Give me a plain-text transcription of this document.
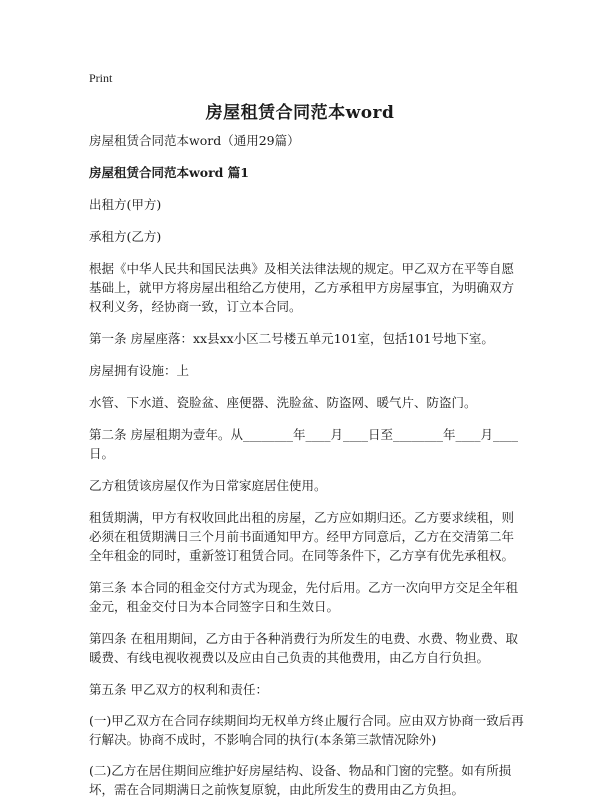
Print
房屋租赁合同范本word

房屋租赁合同范本word（通用29篇）

房屋租赁合同范本word 篇1

出租方(甲方)

承租方(乙方)

根据《中华人民共和国民法典》及相关法律法规的规定。甲乙双方在平等自愿基础上，就甲方将房屋出租给乙方使用，乙方承租甲方房屋事宜，为明确双方权利义务，经协商一致，订立本合同。

第一条 房屋座落：xx县xx小区二号楼五单元101室，包括101号地下室。

房屋拥有设施：上

水管、下水道、瓷脸盆、座便器、洗脸盆、防盗网、暖气片、防盗门。

第二条 房屋租期为壹年。从________年____月____日至________年____月____日。

乙方租赁该房屋仅作为日常家庭居住使用。

租赁期满，甲方有权收回此出租的房屋，乙方应如期归还。乙方要求续租，则必须在租赁期满日三个月前书面通知甲方。经甲方同意后，乙方在交清第二年全年租金的同时，重新签订租赁合同。在同等条件下，乙方享有优先承租权。

第三条 本合同的租金交付方式为现金，先付后用。乙方一次向甲方交足全年租金元，租金交付日为本合同签字日和生效日。

第四条 在租用期间，乙方由于各种消费行为所发生的电费、水费、物业费、取暖费、有线电视收视费以及应由自己负责的其他费用，由乙方自行负担。

第五条 甲乙双方的权利和责任：

(一)甲乙双方在合同存续期间均无权单方终止履行合同。应由双方协商一致后再行解决。协商不成时，不影响合同的执行(本条第三款情况除外)

(二)乙方在居住期间应维护好房屋结构、设备、物品和门窗的完整。如有所损坏，需在合同期满日之前恢复原貌，由此所发生的费用由乙方负担。
